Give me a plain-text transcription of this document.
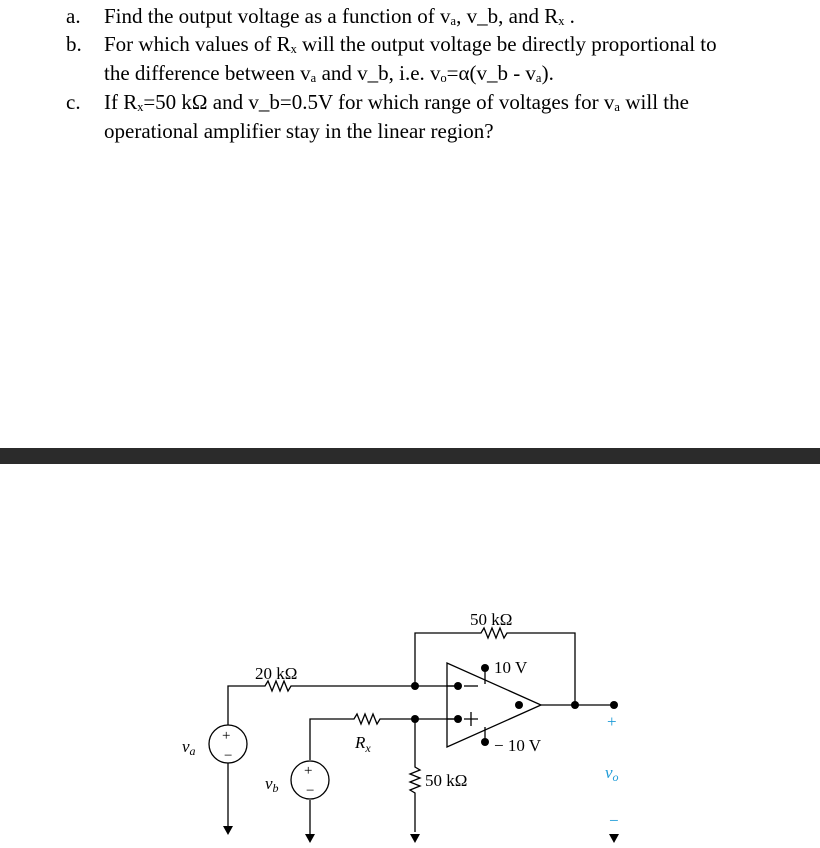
a. Find the output voltage as a function of vₐ, v_b, and Rₓ .
b. For which values of Rₓ will the output voltage be directly proportional to
the difference between vₐ and v_b, i.e. vₒ=α(v_b - vₐ).
c. If Rₓ=50 kΩ and v_b=0.5V for which range of voltages for vₐ will the
operational amplifier stay in the linear region?
50 kΩ
20 kΩ
50 kΩ
10 V
− 10 V
$R_x$
va
vb
+
−
+
−
+
vo
−
